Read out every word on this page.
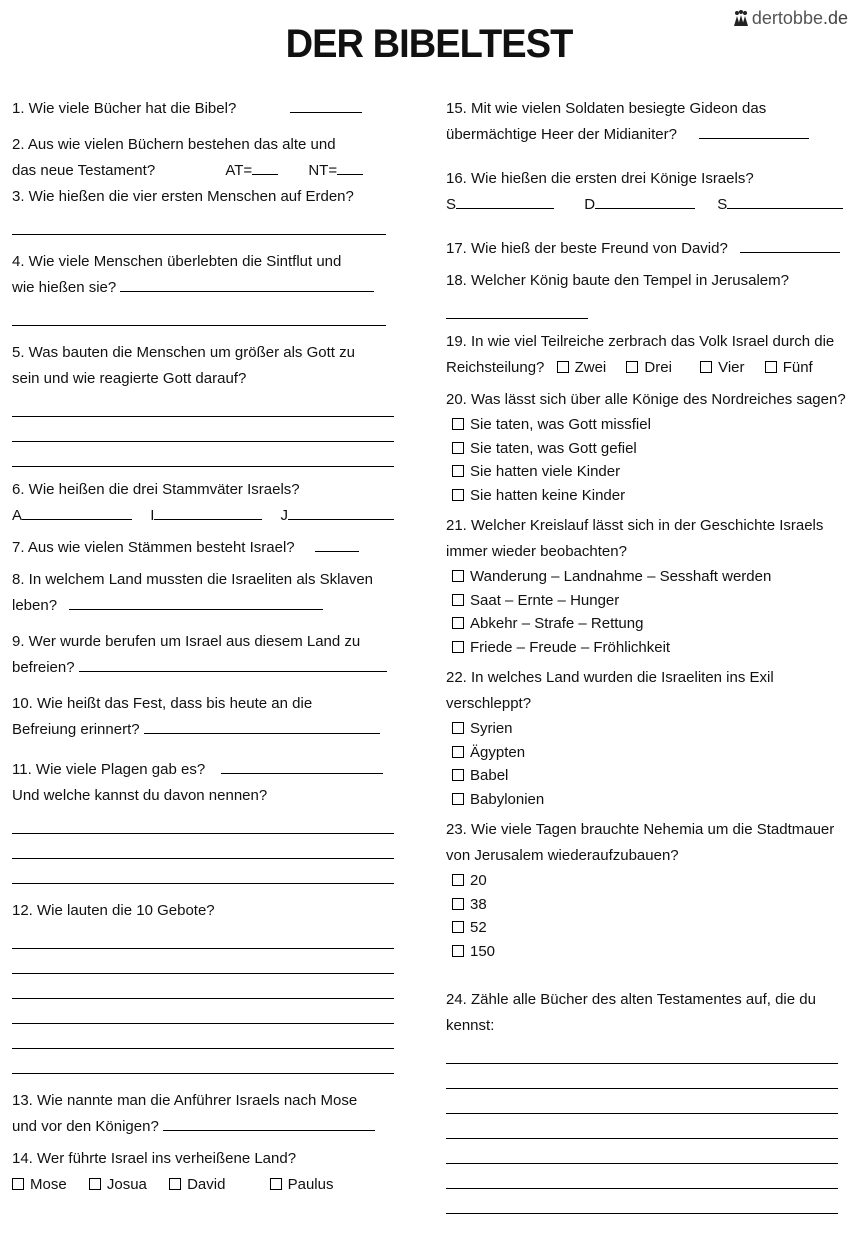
dertobbe.de
DER BIBELTEST

1. Wie viele Bücher hat die Bibel?

2. Aus wie vielen Büchern bestehen das alte und
das neue Testament?	AT=	NT=

3. Wie hießen die vier ersten Menschen auf Erden?

4. Wie viele Menschen überlebten die Sintflut und
wie hießen sie?

5. Was bauten die Menschen um größer als Gott zu
sein und wie reagierte Gott darauf?

6. Wie heißen die drei Stammväter Israels?

A	I	J

7. Aus wie vielen Stämmen besteht Israel?

8. In welchem Land mussten die Israeliten als Sklaven
leben?

9. Wer wurde berufen um Israel aus diesem Land zu
befreien?

10. Wie heißt das Fest, dass bis heute an die
Befreiung erinnert?

11. Wie viele Plagen gab es?
Und welche kannst du davon nennen?

12. Wie lauten die 10 Gebote?

13. Wie nannte man die Anführer Israels nach Mose
und vor den Königen?

14. Wer führte Israel ins verheißene Land?

Mose	Josua	David	Paulus

15. Mit wie vielen Soldaten besiegte Gideon das
übermächtige Heer der Midianiter?

16. Wie hießen die ersten drei Könige Israels?

S	D	S

17. Wie hieß der beste Freund von David?

18. Welcher König baute den Tempel in Jerusalem?

19. In wie viel Teilreiche zerbrach das Volk Israel durch die
Reichsteilung? Zwei	Drei	Vier	Fünf

20. Was lässt sich über alle Könige des Nordreiches sagen?

Sie taten, was Gott missfiel
Sie taten, was Gott gefiel
Sie hatten viele Kinder
Sie hatten keine Kinder

21. Welcher Kreislauf lässt sich in der Geschichte Israels
immer wieder beobachten?

Wanderung – Landnahme – Sesshaft werden
Saat – Ernte – Hunger
Abkehr – Strafe – Rettung
Friede – Freude – Fröhlichkeit

22. In welches Land wurden die Israeliten ins Exil
verschleppt?

Syrien
Ägypten
Babel
Babylonien

23. Wie viele Tagen brauchte Nehemia um die Stadtmauer
von Jerusalem wiederaufzubauen?

20
38
52
150

24. Zähle alle Bücher des alten Testamentes auf, die du
kennst:
